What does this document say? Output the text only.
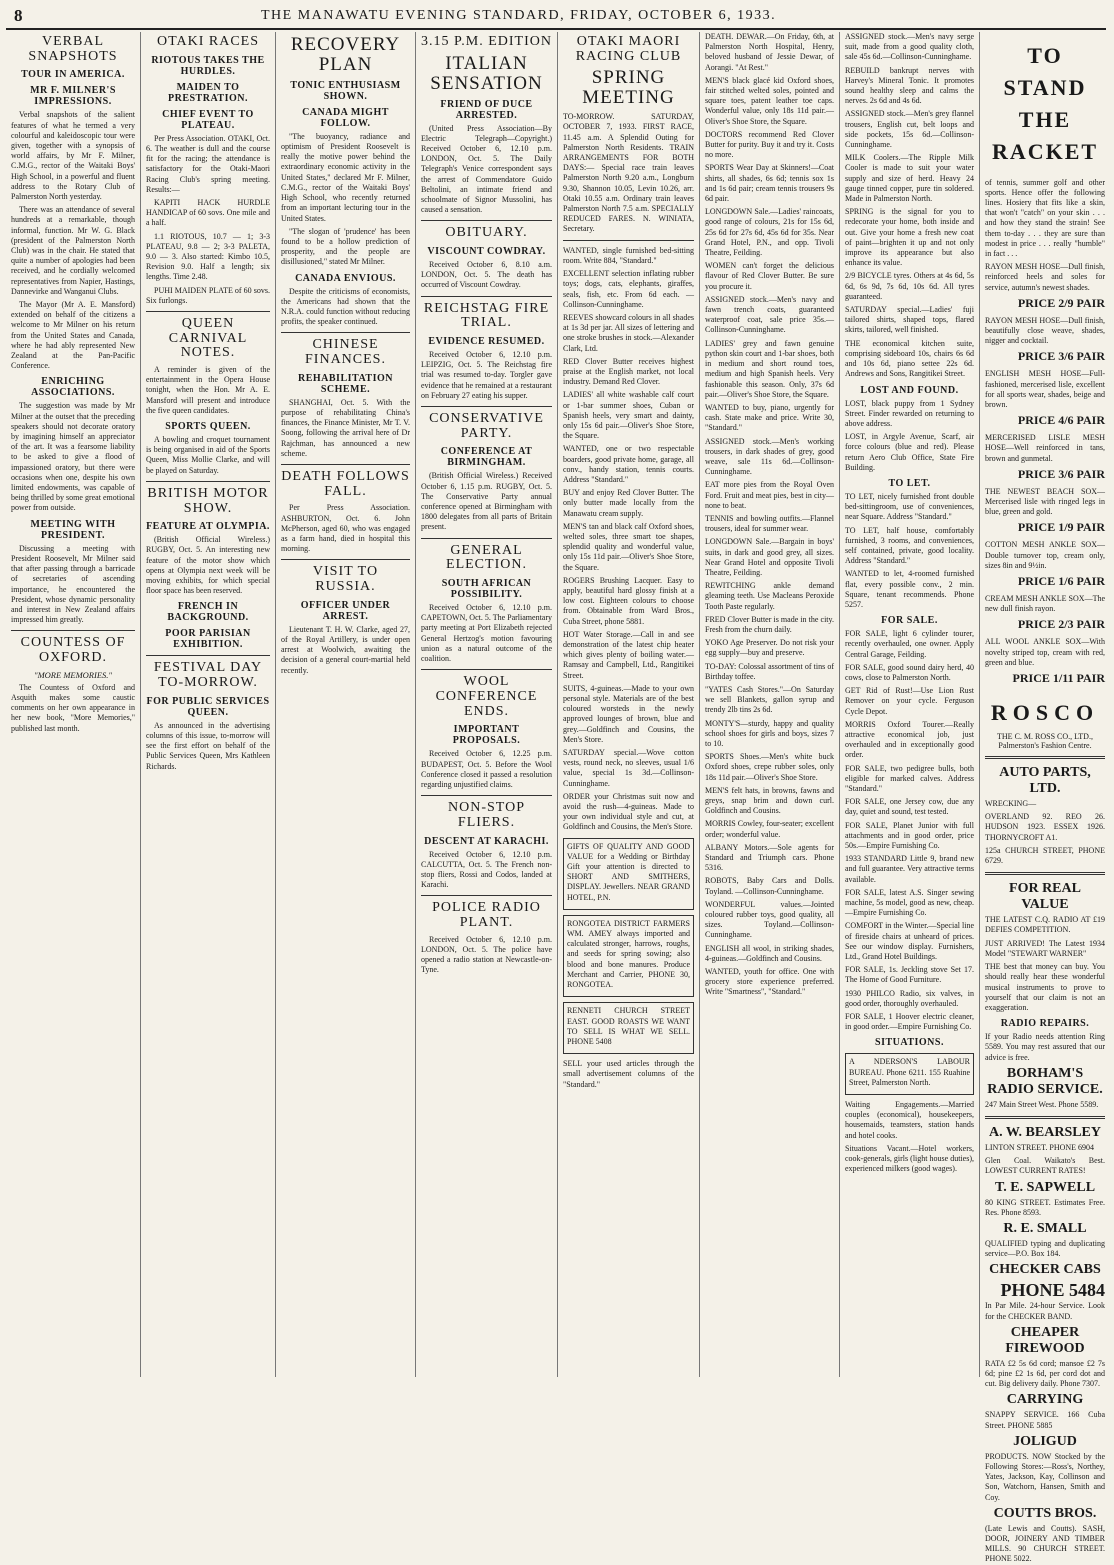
8	THE MANAWATU EVENING STANDARD, FRIDAY, OCTOBER 6, 1933.
VERBAL SNAPSHOTS
TOUR IN AMERICA.
MR F. MILNER'S IMPRESSIONS.

Verbal snapshots of the salient features of what he termed a very colourful and kaleidoscopic tour were given, together with a synopsis of world affairs, by Mr F. Milner, C.M.G., rector of the Waitaki Boys' High School, in a powerful and fluent address to the Rotary Club of Palmerston North yesterday.

There was an attendance of several hundreds at a remarkable, though informal, function. Mr W. G. Black (president of the Palmerston North Club) was in the chair. He stated that quite a number of apologies had been received, and he cordially welcomed representatives from Napier, Hastings, Dannevirke and Wanganui Clubs.

The Mayor (Mr A. E. Mansford) extended on behalf of the citizens a welcome to Mr Milner on his return from the United States and Canada, where he had ably represented New Zealand at the Pan-Pacific Conference.

ENRICHING ASSOCIATIONS.

The suggestion was made by Mr Milner at the outset that the preceding speakers should not decorate oratory by imagining himself an appreciator of the art. It was a fearsome liability to be asked to give a flood of impassioned oratory, but there were occasions when one, despite his own limited endowments, was capable of being thrilled by some great emotional power from outside.

MEETING WITH PRESIDENT.

Discussing a meeting with President Roosevelt, Mr Milner said that after passing through a barricade of secretaries of ascending importance, he encountered the President, whose dynamic personality and interest in New Zealand affairs impressed him greatly.

COUNTESS OF OXFORD.
"MORE MEMORIES."

The Countess of Oxford and Asquith makes some caustic comments on her own appearance in her new book, "More Memories," published last month.

OTAKI RACES
RIOTOUS TAKES THE HURDLES.
MAIDEN TO PRESTRATION.
CHIEF EVENT TO PLATEAU.

Per Press Association. OTAKI, Oct. 6. The weather is dull and the course fit for the racing; the attendance is satisfactory for the Otaki-Maori Racing Club's spring meeting. Results:—

KAPITI HACK HURDLE HANDICAP of 60 sovs. One mile and a half.

1.1 RIOTOUS, 10.7 — 1; 3-3 PLATEAU, 9.8 — 2; 3-3 PALETA, 9.0 — 3. Also started: Kimbo 10.5, Revision 9.0. Half a length; six lengths. Time 2.48.

PUHI MAIDEN PLATE of 60 sovs. Six furlongs.

QUEEN CARNIVAL NOTES.

A reminder is given of the entertainment in the Opera House tonight, when the Hon. Mr A. E. Mansford will present and introduce the five queen candidates.

SPORTS QUEEN.

A bowling and croquet tournament is being organised in aid of the Sports Queen, Miss Mollie Clarke, and will be played on Saturday.

BRITISH MOTOR SHOW.
FEATURE AT OLYMPIA.

(British Official Wireless.) RUGBY, Oct. 5. An interesting new feature of the motor show which opens at Olympia next week will be moving exhibits, for which special floor space has been reserved.

FRENCH IN BACKGROUND.
POOR PARISIAN EXHIBITION.
FESTIVAL DAY TO-MORROW.
FOR PUBLIC SERVICES QUEEN.

As announced in the advertising columns of this issue, to-morrow will see the first effort on behalf of the Public Services Queen, Mrs Kathleen Richards.

RECOVERY PLAN
TONIC ENTHUSIASM SHOWN.
CANADA MIGHT FOLLOW.

"The buoyancy, radiance and optimism of President Roosevelt is really the motive power behind the extraordinary economic activity in the United States," declared Mr F. Milner, C.M.G., rector of the Waitaki Boys' High School, who recently returned from an important lecturing tour in the United States.

"The slogan of 'prudence' has been found to be a hollow prediction of prosperity, and the people are disillusioned," stated Mr Milner.

CANADA ENVIOUS.

Despite the criticisms of economists, the Americans had shown that the N.R.A. could function without reducing profits, the speaker continued.

CHINESE FINANCES.
REHABILITATION SCHEME.

SHANGHAI, Oct. 5. With the purpose of rehabilitating China's finances, the Finance Minister, Mr T. V. Soong, following the arrival here of Dr Rajchman, has announced a new scheme.

DEATH FOLLOWS FALL.

Per Press Association. ASHBURTON, Oct. 6. John McPherson, aged 60, who was engaged as a farm hand, died in hospital this morning.

VISIT TO RUSSIA.
OFFICER UNDER ARREST.

Lieutenant T. H. W. Clarke, aged 27, of the Royal Artillery, is under open arrest at Woolwich, awaiting the decision of a general court-martial held recently.

3.15 P.M. EDITION
ITALIAN SENSATION
FRIEND OF DUCE ARRESTED.

(United Press Association—By Electric Telegraph—Copyright.) Received October 6, 12.10 p.m. LONDON, Oct. 5. The Daily Telegraph's Venice correspondent says the arrest of Commendatore Guido Beltolini, an intimate friend and schoolmate of Signor Mussolini, has caused a sensation.

OBITUARY.
VISCOUNT COWDRAY.

Received October 6, 8.10 a.m. LONDON, Oct. 5. The death has occurred of Viscount Cowdray.

REICHSTAG FIRE TRIAL.
EVIDENCE RESUMED.

Received October 6, 12.10 p.m. LEIPZIG, Oct. 5. The Reichstag fire trial was resumed to-day. Torgler gave evidence that he remained at a restaurant on February 27 eating his supper.

CONSERVATIVE PARTY.
CONFERENCE AT BIRMINGHAM.

(British Official Wireless.) Received October 6, 1.15 p.m. RUGBY, Oct. 5. The Conservative Party annual conference opened at Birmingham with 1800 delegates from all parts of Britain present.

GENERAL ELECTION.
SOUTH AFRICAN POSSIBILITY.

Received October 6, 12.10 p.m. CAPETOWN, Oct. 5. The Parliamentary party meeting at Port Elizabeth rejected General Hertzog's motion favouring union as a natural outcome of the coalition.

WOOL CONFERENCE ENDS.
IMPORTANT PROPOSALS.

Received October 6, 12.25 p.m. BUDAPEST, Oct. 5. Before the Wool Conference closed it passed a resolution regarding unjustified claims.

NON-STOP FLIERS.
DESCENT AT KARACHI.

Received October 6, 12.10 p.m. CALCUTTA, Oct. 5. The French non-stop fliers, Rossi and Codos, landed at Karachi.

POLICE RADIO PLANT.

Received October 6, 12.10 p.m. LONDON, Oct. 5. The police have opened a radio station at Newcastle-on-Tyne.

OTAKI MAORI RACING CLUB
SPRING MEETING

TO-MORROW. SATURDAY, OCTOBER 7, 1933. FIRST RACE, 11.45 a.m. A Splendid Outing for Palmerston North Residents. TRAIN ARRANGEMENTS FOR BOTH DAYS:— Special race train leaves Palmerston North 9.20 a.m., Longburn 9.30, Shannon 10.05, Levin 10.26, arr. Otaki 10.55 a.m. Ordinary train leaves Palmerston North 7.5 a.m. SPECIALLY REDUCED FARES. N. WINIATA, Secretary.

WANTED, single furnished bed-sitting room. Write 884, "Standard."

EXCELLENT selection inflating rubber toys; dogs, cats, elephants, giraffes, seals, fish, etc. From 6d each. —Collinson-Cunninghame.

REEVES showcard colours in all shades at 1s 3d per jar. All sizes of lettering and one stroke brushes in stock.—Alexander Clark, Ltd.

RED Clover Butter receives highest praise at the English market, not local industry. Demand Red Clover.

LADIES' all white washable calf court or 1-bar summer shoes, Cuban or Spanish heels, very smart and dainty, only 15s 6d pair.—Oliver's Shoe Store, the Square.

WANTED, one or two respectable boarders, good private home, garage, all conv., handy station, tennis courts. Address "Standard."

BUY and enjoy Red Clover Butter. The only butter made locally from the Manawatu cream supply.

MEN'S tan and black calf Oxford shoes, welted soles, three smart toe shapes, splendid quality and wonderful value, only 15s 11d pair.—Oliver's Shoe Store, the Square.

ROGERS Brushing Lacquer. Easy to apply, beautiful hard glossy finish at a low cost. Eighteen colours to choose from. Obtainable from Ward Bros., Cuba Street, phone 5881.

HOT Water Storage.—Call in and see demonstration of the latest chip heater which gives plenty of boiling water.—Ramsay and Campbell, Ltd., Rangitikei Street.

SUITS, 4-guineas.—Made to your own personal style. Materials are of the best coloured worsteds in the newly approved lounges of brown, blue and grey.—Goldfinch and Cousins, the Men's Store.

SATURDAY special.—Wove cotton vests, round neck, no sleeves, usual 1/6 value, special 1s 3d.—Collinson-Cunninghame.

ORDER your Christmas suit now and avoid the rush—4-guineas. Made to your own individual style and cut, at Goldfinch and Cousins, the Men's Store.

GIFTS OF QUALITY AND GOOD VALUE for a Wedding or Birthday Gift your attention is directed to SHORT AND SMITHERS, DISPLAY. Jewellers. NEAR GRAND HOTEL, P.N.

RONGOTEA DISTRICT FARMERS WM. AMEY always imported and calculated stronger, harrows, roughs, and seeds for spring sowing; also blood and bone manures. Produce Merchant and Carrier, PHONE 30, RONGOTEA.

RENNETI CHURCH STREET EAST. GOOD ROASTS WE WANT TO SELL IS WHAT WE SELL. PHONE 5408

SELL your used articles through the small advertisement columns of the "Standard."

DEATH. DEWAR.—On Friday, 6th, at Palmerston North Hospital, Henry, beloved husband of Jessie Dewar, of Aorangi. "At Rest."

MEN'S black glacé kid Oxford shoes, fair stitched welted soles, pointed and square toes, patent leather toe caps. Wonderful value, only 18s 11d pair.—Oliver's Shoe Store, the Square.

DOCTORS recommend Red Clover Butter for purity. Buy it and try it. Costs no more.

SPORTS Wear Day at Skinners!—Coat shirts, all shades, 6s 6d; tennis sox 1s and 1s 6d pair; cream tennis trousers 9s 6d pair.

LONGDOWN Sale.—Ladies' raincoats, good range of colours, 21s for 15s 6d, 25s 6d for 27s 6d, 45s 6d for 35s. Near Grand Hotel, P.N., and opp. Tivoli Theatre, Feilding.

WOMEN can't forget the delicious flavour of Red Clover Butter. Be sure you procure it.

ASSIGNED stock.—Men's navy and fawn trench coats, guaranteed waterproof coat, sale price 35s.—Collinson-Cunninghame.

LADIES' grey and fawn genuine python skin court and 1-bar shoes, both in medium and short round toes, medium and high Spanish heels. Very fashionable this season. Only, 37s 6d pair.—Oliver's Shoe Store, the Square.

WANTED to buy, piano, urgently for cash. State make and price. Write 30, "Standard."

ASSIGNED stock.—Men's working trousers, in dark shades of grey, good weave, sale 11s 6d.—Collinson-Cunninghame.

EAT more pies from the Royal Oven Ford. Fruit and meat pies, best in city—none to beat.

TENNIS and bowling outfits.—Flannel trousers, ideal for summer wear.

LONGDOWN Sale.—Bargain in boys' suits, in dark and good grey, all sizes. Near Grand Hotel and opposite Tivoli Theatre, Feilding.

REWITCHING ankle demand gleaming teeth. Use Macleans Peroxide Tooth Paste regularly.

FRED Clover Butter is made in the city. Fresh from the churn daily.

YOKO Age Preserver. Do not risk your egg supply—buy and preserve.

TO-DAY: Colossal assortment of tins of Birthday toffee.

"YATES Cash Stores."—On Saturday we sell Blankets, gallon syrup and trendy 2lb tins 2s 6d.

MONTY'S—sturdy, happy and quality school shoes for girls and boys, sizes 7 to 10.

SPORTS Shoes.—Men's white buck Oxford shoes, crepe rubber soles, only 18s 11d pair.—Oliver's Shoe Store.

MEN'S felt hats, in browns, fawns and greys, snap brim and down curl. Goldfinch and Cousins.

MORRIS Cowley, four-seater; excellent order; wonderful value.

ALBANY Motors.—Sole agents for Standard and Triumph cars. Phone 5316.

ROBOTS, Baby Cars and Dolls. Toyland. —Collinson-Cunninghame.

WONDERFUL values.—Jointed coloured rubber toys, good quality, all sizes. Toyland.—Collinson-Cunninghame.

ENGLISH all wool, in striking shades, 4-guineas.—Goldfinch and Cousins.

WANTED, youth for office. One with grocery store experience preferred. Write "Smartness", "Standard."

ASSIGNED stock.—Men's navy serge suit, made from a good quality cloth, sale 45s 6d.—Collinson-Cunninghame.

REBUILD bankrupt nerves with Harvey's Mineral Tonic. It promotes sound healthy sleep and calms the nerves. 2s 6d and 4s 6d.

ASSIGNED stock.—Men's grey flannel trousers, English cut, belt loops and side pockets, 15s 6d.—Collinson-Cunninghame.

MILK Coolers.—The Ripple Milk Cooler is made to suit your water supply and size of herd. Heavy 24 gauge tinned copper, pure tin soldered. Made in Palmerston North.

SPRING is the signal for you to redecorate your home, both inside and out. Give your home a fresh new coat of paint—brighten it up and not only improve its appearance but also enhance its value.

2/9 BICYCLE tyres. Others at 4s 6d, 5s 6d, 6s 9d, 7s 6d, 10s 6d. All tyres guaranteed.

SATURDAY special.—Ladies' fuji tailored shirts, shaped tops, flared skirts, tailored, well finished.

THE economical kitchen suite, comprising sideboard 10s, chairs 6s 6d and 10s 6d, piano settee 22s 6d. Andrews and Sons, Rangitikei Street.

LOST AND FOUND.

LOST, black puppy from 1 Sydney Street. Finder rewarded on returning to above address.

LOST, in Argyle Avenue, Scarf, air force colours (blue and red). Please return Aero Club Office, State Fire Building.

TO LET.

TO LET, nicely furnished front double bed-sittingroom, use of conveniences, near Square. Address "Standard."

TO LET, half house, comfortably furnished, 3 rooms, and conveniences, self contained, private, good locality. Address "Standard."

WANTED to let, 4-roomed furnished flat, every possible conv., 2 min. Square, tenant recommends. Phone 5257.

FOR SALE.

FOR SALE, light 6 cylinder tourer, recently overhauled, one owner. Apply Central Garage, Feilding.

FOR SALE, good sound dairy herd, 40 cows, close to Palmerston North.

GET Rid of Rust!—Use Lion Rust Remover on your cycle. Ferguson Cycle Depot.

MORRIS Oxford Tourer.—Really attractive economical job, just overhauled and in exceptionally good order.

FOR SALE, two pedigree bulls, both eligible for marked calves. Address "Standard."

FOR SALE, one Jersey cow, due any day, quiet and sound, test tested.

FOR SALE, Planet Junior with full attachments and in good order, price 50s.—Empire Furnishing Co.

1933 STANDARD Little 9, brand new and full guarantee. Very attractive terms available.

FOR SALE, latest A.S. Singer sewing machine, 5s model, good as new, cheap.—Empire Furnishing Co.

COMFORT in the Winter.—Special line of fireside chairs at unheard of prices. See our window display. Furnishers, Ltd., Grand Hotel Buildings.

FOR SALE, 1s. Jeckling stove Set 17. The Home of Good Furniture.

1930 PHILCO Radio, six valves, in good order, thoroughly overhauled.

FOR SALE, 1 Hoover electric cleaner, in good order.—Empire Furnishing Co.

SITUATIONS.

A NDERSON'S LABOUR BUREAU. Phone 6211. 155 Ruahine Street, Palmerston North.

Waiting Engagements.—Married couples (economical), housekeepers, housemaids, teamsters, station hands and hotel cooks.

Situations Vacant.—Hotel workers, cook-generals, girls (light house duties), experienced milkers (good wages).

TO
STAND
THE
RACKET

of tennis, summer golf and other sports. Hence offer the following lines. Hosiery that fits like a skin, that won't "catch" on your skin . . . and how they stand the strain! See them to-day . . . they are sure than modest in price . . . really "humble" in fact . . .

RAYON MESH HOSE—Dull finish, reinforced heels and soles for service, autumn's newest shades.

PRICE 2/9 PAIR

RAYON MESH HOSE—Dull finish, beautifully close weave, shades, nigger and cocktail.

PRICE 3/6 PAIR

ENGLISH MESH HOSE—Full-fashioned, mercerised lisle, excellent for all sports wear, shades, beige and brown.

PRICE 4/6 PAIR

MERCERISED LISLE MESH HOSE—Well reinforced in tans, brown and gunmetal.

PRICE 3/6 PAIR

THE NEWEST BEACH SOX—Mercerised lisle with ringed legs in blue, green and gold.

PRICE 1/9 PAIR

COTTON MESH ANKLE SOX—Double turnover top, cream only, sizes 8in and 9½in.

PRICE 1/6 PAIR

CREAM MESH ANKLE SOX—The new dull finish rayon.

PRICE 2/3 PAIR

ALL WOOL ANKLE SOX—With novelty striped top, cream with red, green and blue.

PRICE 1/11 PAIR
ROSCO
THE C. M. ROSS CO., LTD.,
Palmerston's Fashion Centre.
AUTO PARTS, LTD.

WRECKING—

OVERLAND 92. REO 26. HUDSON 1923. ESSEX 1926. THORNYCROFT A1.

125a CHURCH STREET, PHONE 6729.

FOR REAL VALUE

THE LATEST C.Q. RADIO AT £19 DEFIES COMPETITION.

JUST ARRIVED! The Latest 1934 Model "STEWART WARNER"

THE best that money can buy. You should really hear these wonderful musical instruments to prove to yourself that our claim is not an exaggeration.

RADIO REPAIRS.

If your Radio needs attention Ring 5589. You may rest assured that our advice is free.

BORHAM'S RADIO SERVICE.

247 Main Street West. Phone 5589.

A. W. BEARSLEY

LINTON STREET. PHONE 6904

Glen Coal. Waikato's Best. LOWEST CURRENT RATES!

T. E. SAPWELL

80 KING STREET. Estimates Free. Res. Phone 8593.

R. E. SMALL

QUALIFIED typing and duplicating service—P.O. Box 184.

CHECKER CABS
PHONE 5484

In Par Mile. 24-hour Service. Look for the CHECKER BAND.

CHEAPER FIREWOOD

RATA £2 5s 6d cord; mansoe £2 7s 6d; pine £2 1s 6d, per cord dot and cut. Big delivery daily. Phone 7307.

CARRYING

SNAPPY SERVICE. 166 Cuba Street. PHONE 5885

JOLIGUD

PRODUCTS. NOW Stocked by the Following Stores:—Ross's, Northey, Yates, Jackson, Kay, Collinson and Son, Watchorn, Hansen, Smith and Coy.

COUTTS BROS.

(Late Lewis and Coutts). SASH, DOOR, JOINERY AND TIMBER MILLS. 90 CHURCH STREET. PHONE 5022.
